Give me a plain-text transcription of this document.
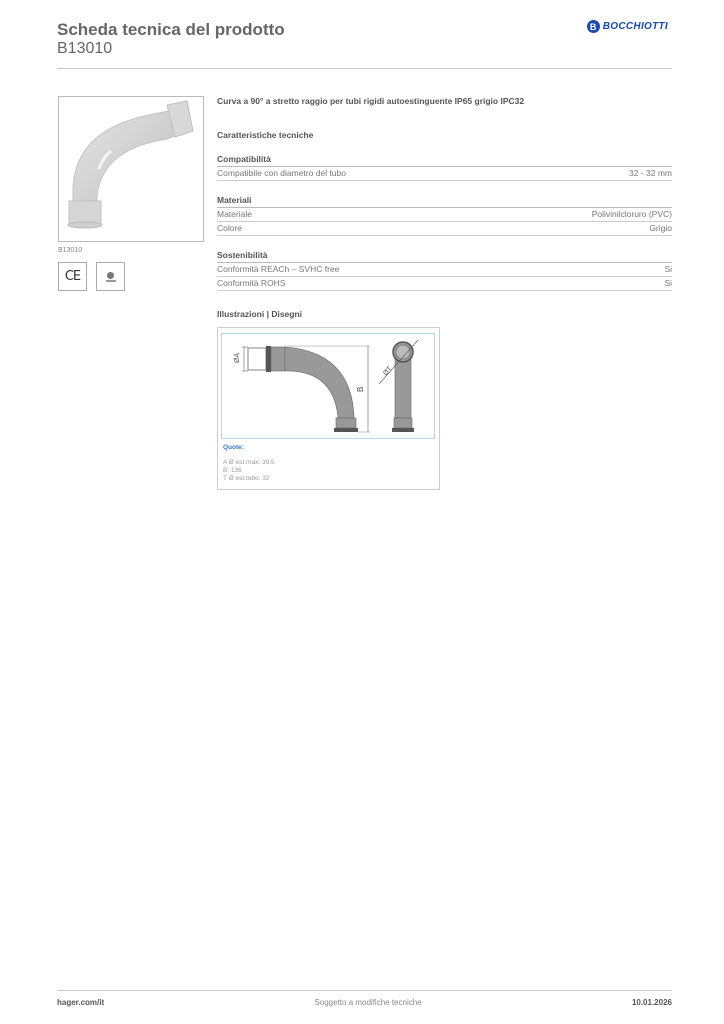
Scheda tecnica del prodotto
B13010
B BOCCHIOTTI
B13010
CE
Curva a 90° a stretto raggio per tubi rigidi autoestinguente IP65 grigio IPC32
Caratteristiche tecniche
Compatibilità
Compatibile con diametro del tubo	32 - 32 mm
Materiali
Materiale	Polivinilcloruro (PVC)
Colore	Grigio
Sostenibilità
Conformità REACh – SVHC free	Si
Conformità ROHS	Si
Illustrazioni | Disegni
ØA
B
ØT
Quote:
A Ø est.max: 39.5
B: 136
T Ø est.tubo: 32
hager.com/it	Soggetto a modifiche tecniche	10.01.2026
